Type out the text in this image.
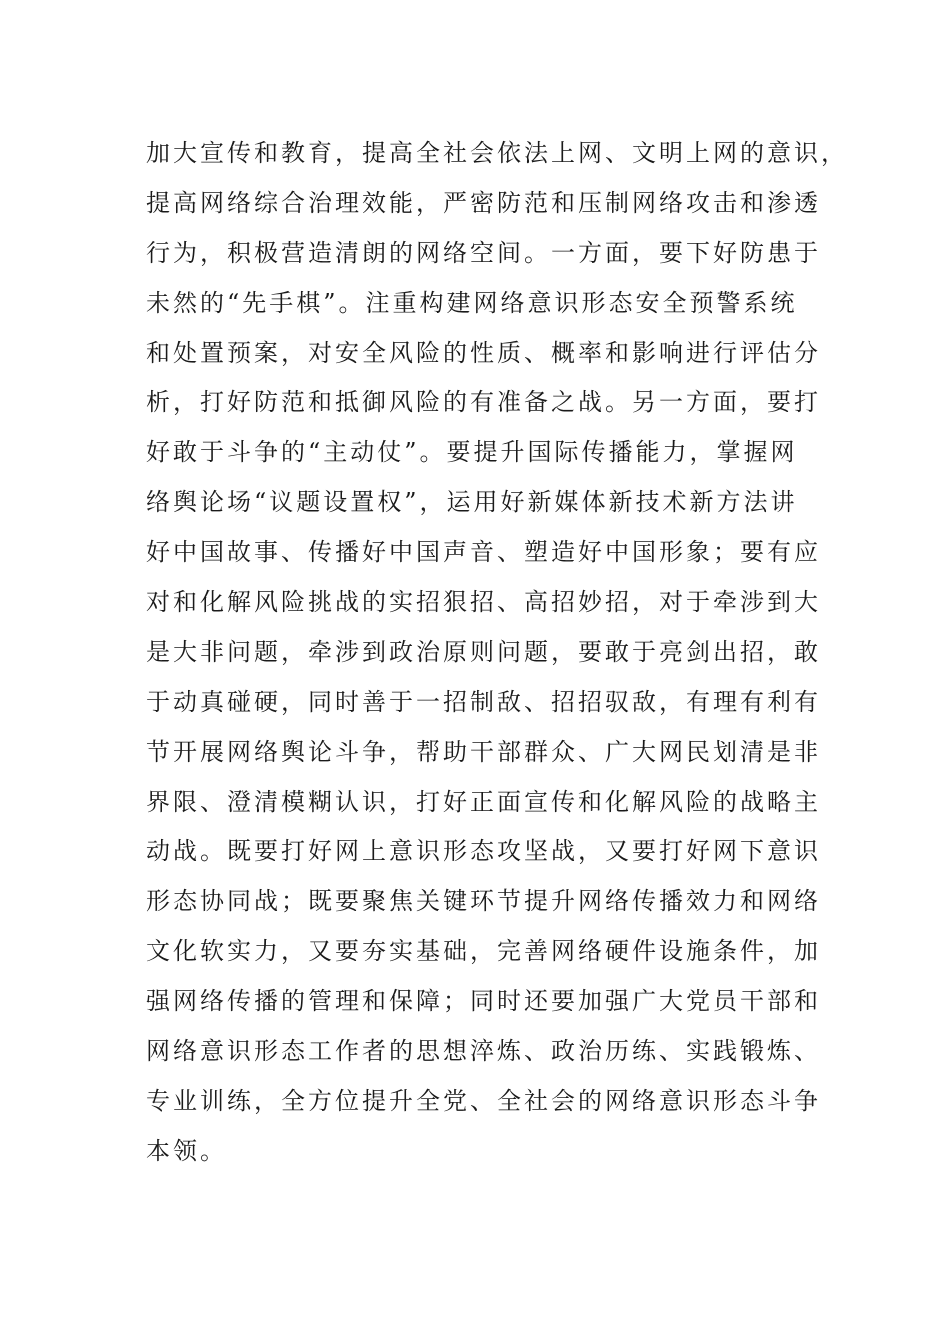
加大宣传和教育，提高全社会依法上网、文明上网的意识，
提高网络综合治理效能，严密防范和压制网络攻击和渗透
行为，积极营造清朗的网络空间。一方面，要下好防患于
未然的“先手棋”。注重构建网络意识形态安全预警系统
和处置预案，对安全风险的性质、概率和影响进行评估分
析，打好防范和抵御风险的有准备之战。另一方面，要打
好敢于斗争的“主动仗”。要提升国际传播能力，掌握网
络舆论场“议题设置权”，运用好新媒体新技术新方法讲
好中国故事、传播好中国声音、塑造好中国形象；要有应
对和化解风险挑战的实招狠招、高招妙招，对于牵涉到大
是大非问题，牵涉到政治原则问题，要敢于亮剑出招，敢
于动真碰硬，同时善于一招制敌、招招驭敌，有理有利有
节开展网络舆论斗争，帮助干部群众、广大网民划清是非
界限、澄清模糊认识，打好正面宣传和化解风险的战略主
动战。既要打好网上意识形态攻坚战，又要打好网下意识
形态协同战；既要聚焦关键环节提升网络传播效力和网络
文化软实力，又要夯实基础，完善网络硬件设施条件，加
强网络传播的管理和保障；同时还要加强广大党员干部和
网络意识形态工作者的思想淬炼、政治历练、实践锻炼、
专业训练，全方位提升全党、全社会的网络意识形态斗争
本领。
